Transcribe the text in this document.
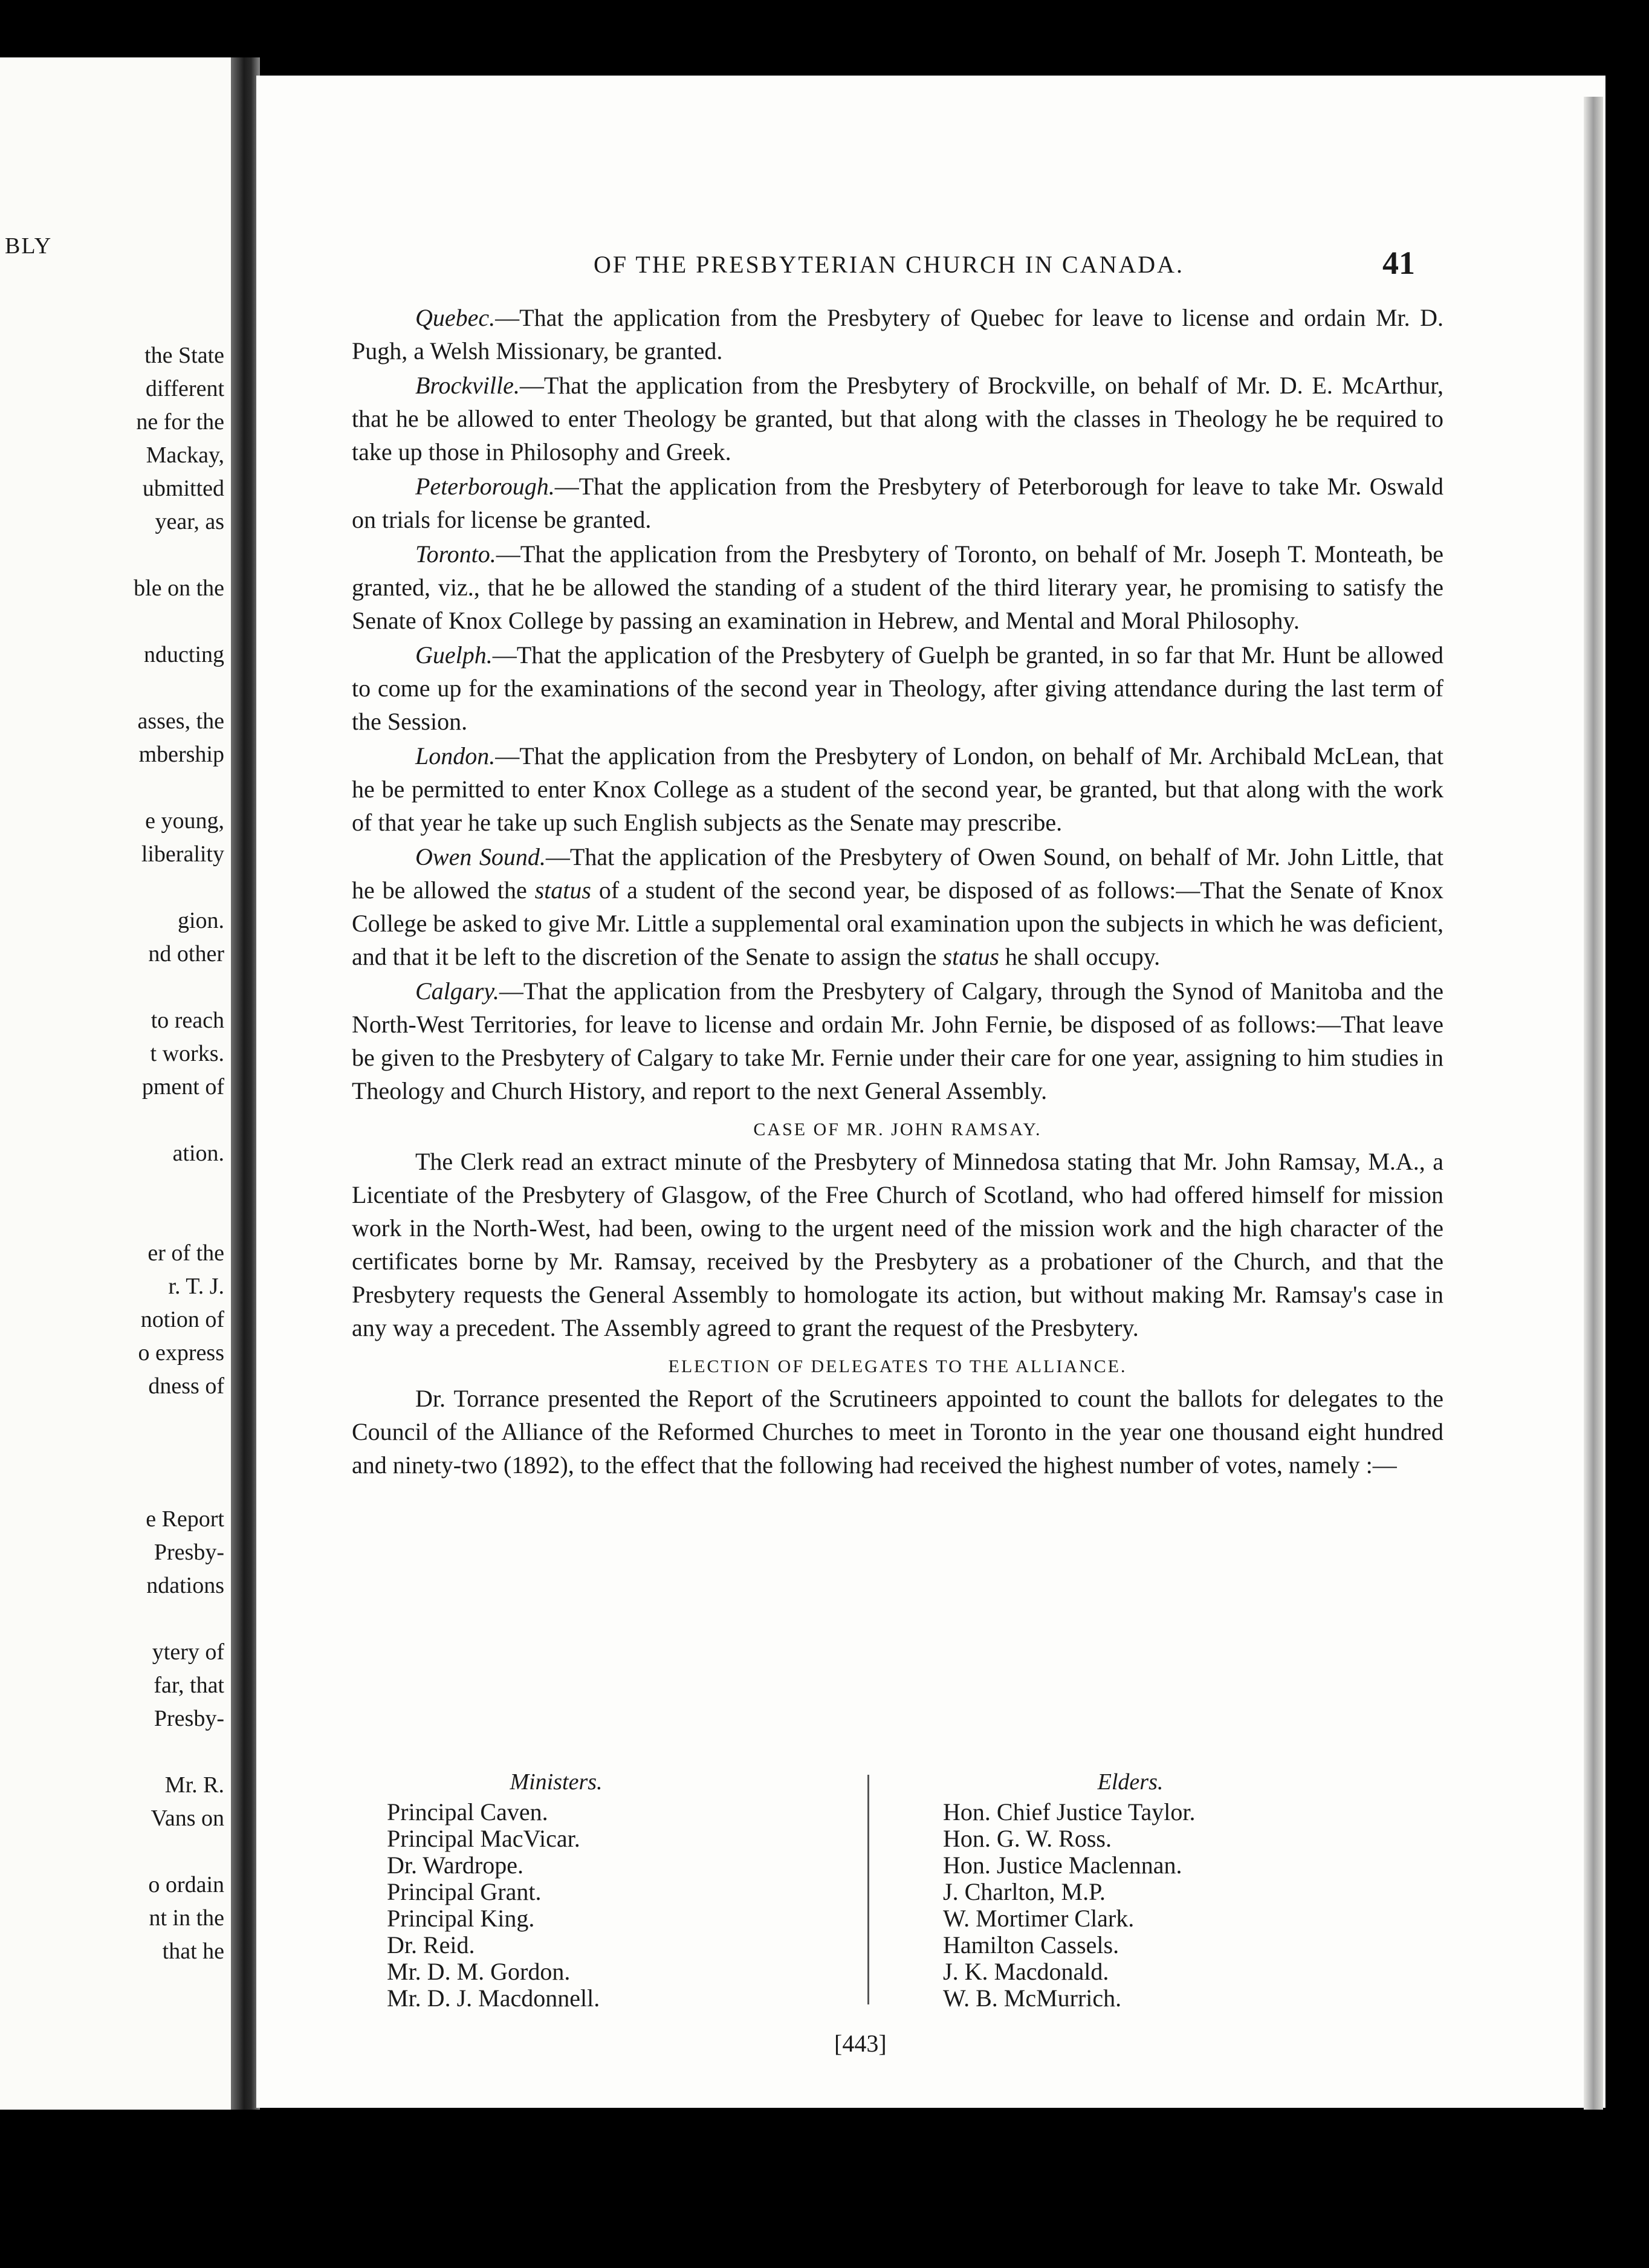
BLY
the State
different
ne for the
Mackay,
ubmitted
year, as
ble on the
nducting
asses, the
mbership
e young,
liberality
gion.
nd other
to reach
t works.
pment of
ation.
er of the
r. T. J.
notion of
o express
dness of
e Report
Presby-
ndations
ytery of
far, that
Presby-
Mr. R.
Vans on
o ordain
nt in the
that he
OF THE PRESBYTERIAN CHURCH IN CANADA.	41

Quebec.—That the application from the Presbytery of Quebec for leave to license and ordain Mr. D. Pugh, a Welsh Missionary, be granted.

Brockville.—That the application from the Presbytery of Brockville, on behalf of Mr. D. E. McArthur, that he be allowed to enter Theology be granted, but that along with the classes in Theology he be required to take up those in Philosophy and Greek.

Peterborough.—That the application from the Presbytery of Peterborough for leave to take Mr. Oswald on trials for license be granted.

Toronto.—That the application from the Presbytery of Toronto, on behalf of Mr. Joseph T. Monteath, be granted, viz., that he be allowed the standing of a student of the third literary year, he promising to satisfy the Senate of Knox College by passing an examination in Hebrew, and Mental and Moral Philosophy.

Guelph.—That the application of the Presbytery of Guelph be granted, in so far that Mr. Hunt be allowed to come up for the examinations of the second year in Theology, after giving attendance during the last term of the Session.

London.—That the application from the Presbytery of London, on behalf of Mr. Archibald McLean, that he be permitted to enter Knox College as a student of the second year, be granted, but that along with the work of that year he take up such English subjects as the Senate may prescribe.

Owen Sound.—That the application of the Presbytery of Owen Sound, on behalf of Mr. John Little, that he be allowed the status of a student of the second year, be disposed of as follows:—That the Senate of Knox College be asked to give Mr. Little a supplemental oral examination upon the subjects in which he was deficient, and that it be left to the discretion of the Senate to assign the status he shall occupy.

Calgary.—That the application from the Presbytery of Calgary, through the Synod of Manitoba and the North-West Territories, for leave to license and ordain Mr. John Fernie, be disposed of as follows:—That leave be given to the Presbytery of Calgary to take Mr. Fernie under their care for one year, assigning to him studies in Theology and Church History, and report to the next General Assembly.

CASE OF MR. JOHN RAMSAY.

The Clerk read an extract minute of the Presbytery of Minnedosa stating that Mr. John Ramsay, M.A., a Licentiate of the Presbytery of Glasgow, of the Free Church of Scotland, who had offered himself for mission work in the North-West, had been, owing to the urgent need of the mission work and the high character of the certificates borne by Mr. Ramsay, received by the Presbytery as a probationer of the Church, and that the Presbytery requests the General Assembly to homologate its action, but without making Mr. Ramsay's case in any way a precedent. The Assembly agreed to grant the request of the Presbytery.

ELECTION OF DELEGATES TO THE ALLIANCE.

Dr. Torrance presented the Report of the Scrutineers appointed to count the ballots for delegates to the Council of the Alliance of the Reformed Churches to meet in Toronto in the year one thousand eight hundred and ninety-two (1892), to the effect that the following had received the highest number of votes, namely :—

Ministers.
Principal Caven.
Principal MacVicar.
Dr. Wardrope.
Principal Grant.
Principal King.
Dr. Reid.
Mr. D. M. Gordon.
Mr. D. J. Macdonnell.
Elders.
Hon. Chief Justice Taylor.
Hon. G. W. Ross.
Hon. Justice Maclennan.
J. Charlton, M.P.
W. Mortimer Clark.
Hamilton Cassels.
J. K. Macdonald.
W. B. McMurrich.
[443]
